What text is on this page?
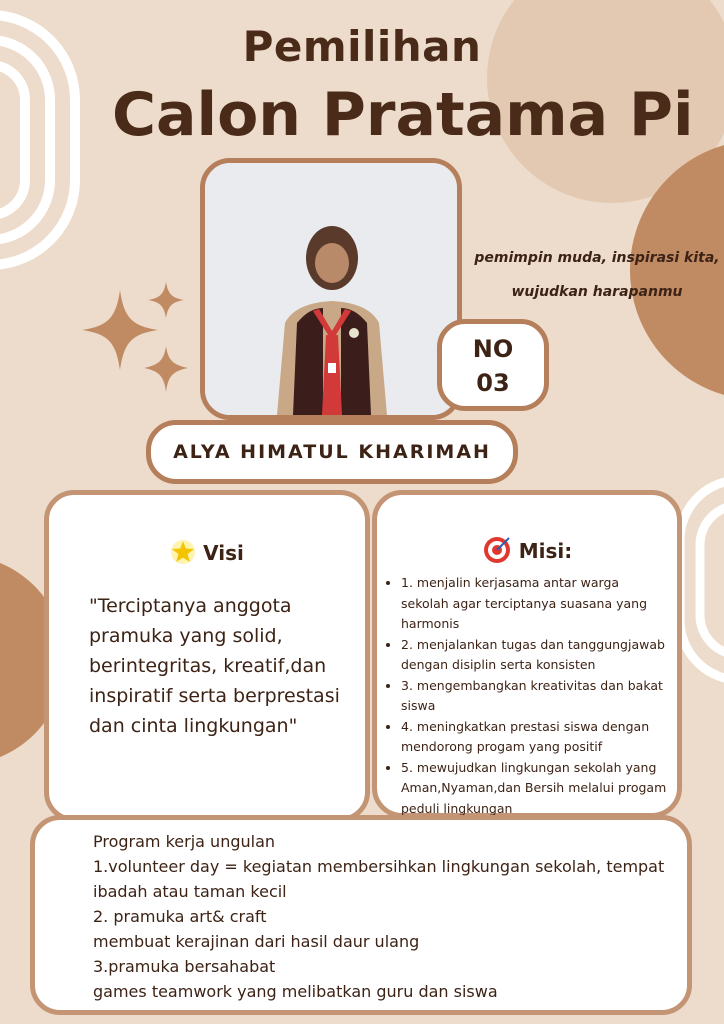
Pemilihan
Calon Pratama Pi
pemimpin muda, inspirasi kita,
wujudkan harapanmu
NO
03
ALYA HIMATUL KHARIMAH
Visi
"Terciptanya anggota pramuka yang solid, berintegritas, kreatif,dan inspiratif serta berprestasi dan cinta lingkungan"
Misi:
• 1. menjalin kerjasama antar warga sekolah agar terciptanya suasana yang harmonis
• 2. menjalankan tugas dan tanggungjawab dengan disiplin serta konsisten
• 3. mengembangkan kreativitas dan bakat siswa
• 4. meningkatkan prestasi siswa dengan mendorong progam yang positif
• 5. mewujudkan lingkungan sekolah yang Aman,Nyaman,dan Bersih melalui progam peduli lingkungan
Program kerja ungulan
1.volunteer day = kegiatan membersihkan lingkungan sekolah, tempat
ibadah atau taman kecil
2. pramuka art& craft
membuat kerajinan dari hasil daur ulang
3.pramuka bersahabat
games teamwork yang melibatkan guru dan siswa
